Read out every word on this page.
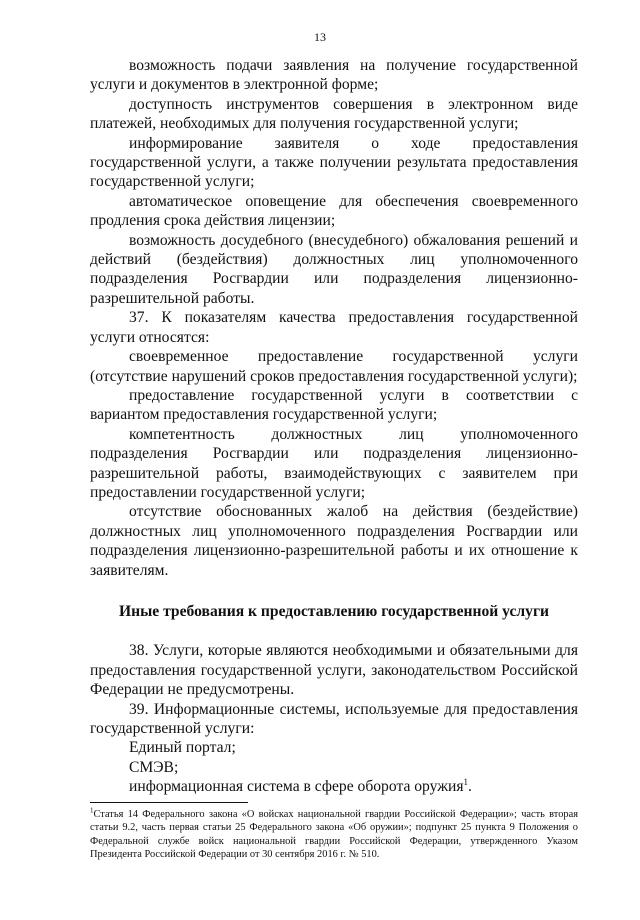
13

возможность подачи заявления на получение государственной услуги и документов в электронной форме;

доступность инструментов совершения в электронном виде платежей, необходимых для получения государственной услуги;

информирование заявителя о ходе предоставления государственной услуги, а также получении результата предоставления государственной услуги;

автоматическое оповещение для обеспечения своевременного продления срока действия лицензии;

возможность досудебного (внесудебного) обжалования решений и действий (бездействия) должностных лиц уполномоченного подразделения Росгвардии или подразделения лицензионно-разрешительной работы.

37. К показателям качества предоставления государственной услуги относятся:

своевременное предоставление государственной услуги (отсутствие нарушений сроков предоставления государственной услуги);

предоставление государственной услуги в соответствии с вариантом предоставления государственной услуги;

компетентность должностных лиц уполномоченного подразделения Росгвардии или подразделения лицензионно-разрешительной работы, взаимодействующих с заявителем при предоставлении государственной услуги;

отсутствие обоснованных жалоб на действия (бездействие) должностных лиц уполномоченного подразделения Росгвардии или подразделения лицензионно-разрешительной работы и их отношение к заявителям.

Иные требования к предоставлению государственной услуги

38. Услуги, которые являются необходимыми и обязательными для предоставления государственной услуги, законодательством Российской Федерации не предусмотрены.

39. Информационные системы, используемые для предоставления государственной услуги:

Единый портал;

СМЭВ;

информационная система в сфере оборота оружия$^1$.

$^1$Статья 14 Федерального закона «О войсках национальной гвардии Российской Федерации»; часть вторая статьи 9.2, часть первая статьи 25 Федерального закона «Об оружии»; подпункт 25 пункта 9 Положения о Федеральной службе войск национальной гвардии Российской Федерации, утвержденного Указом Президента Российской Федерации от 30 сентября 2016 г. № 510.
